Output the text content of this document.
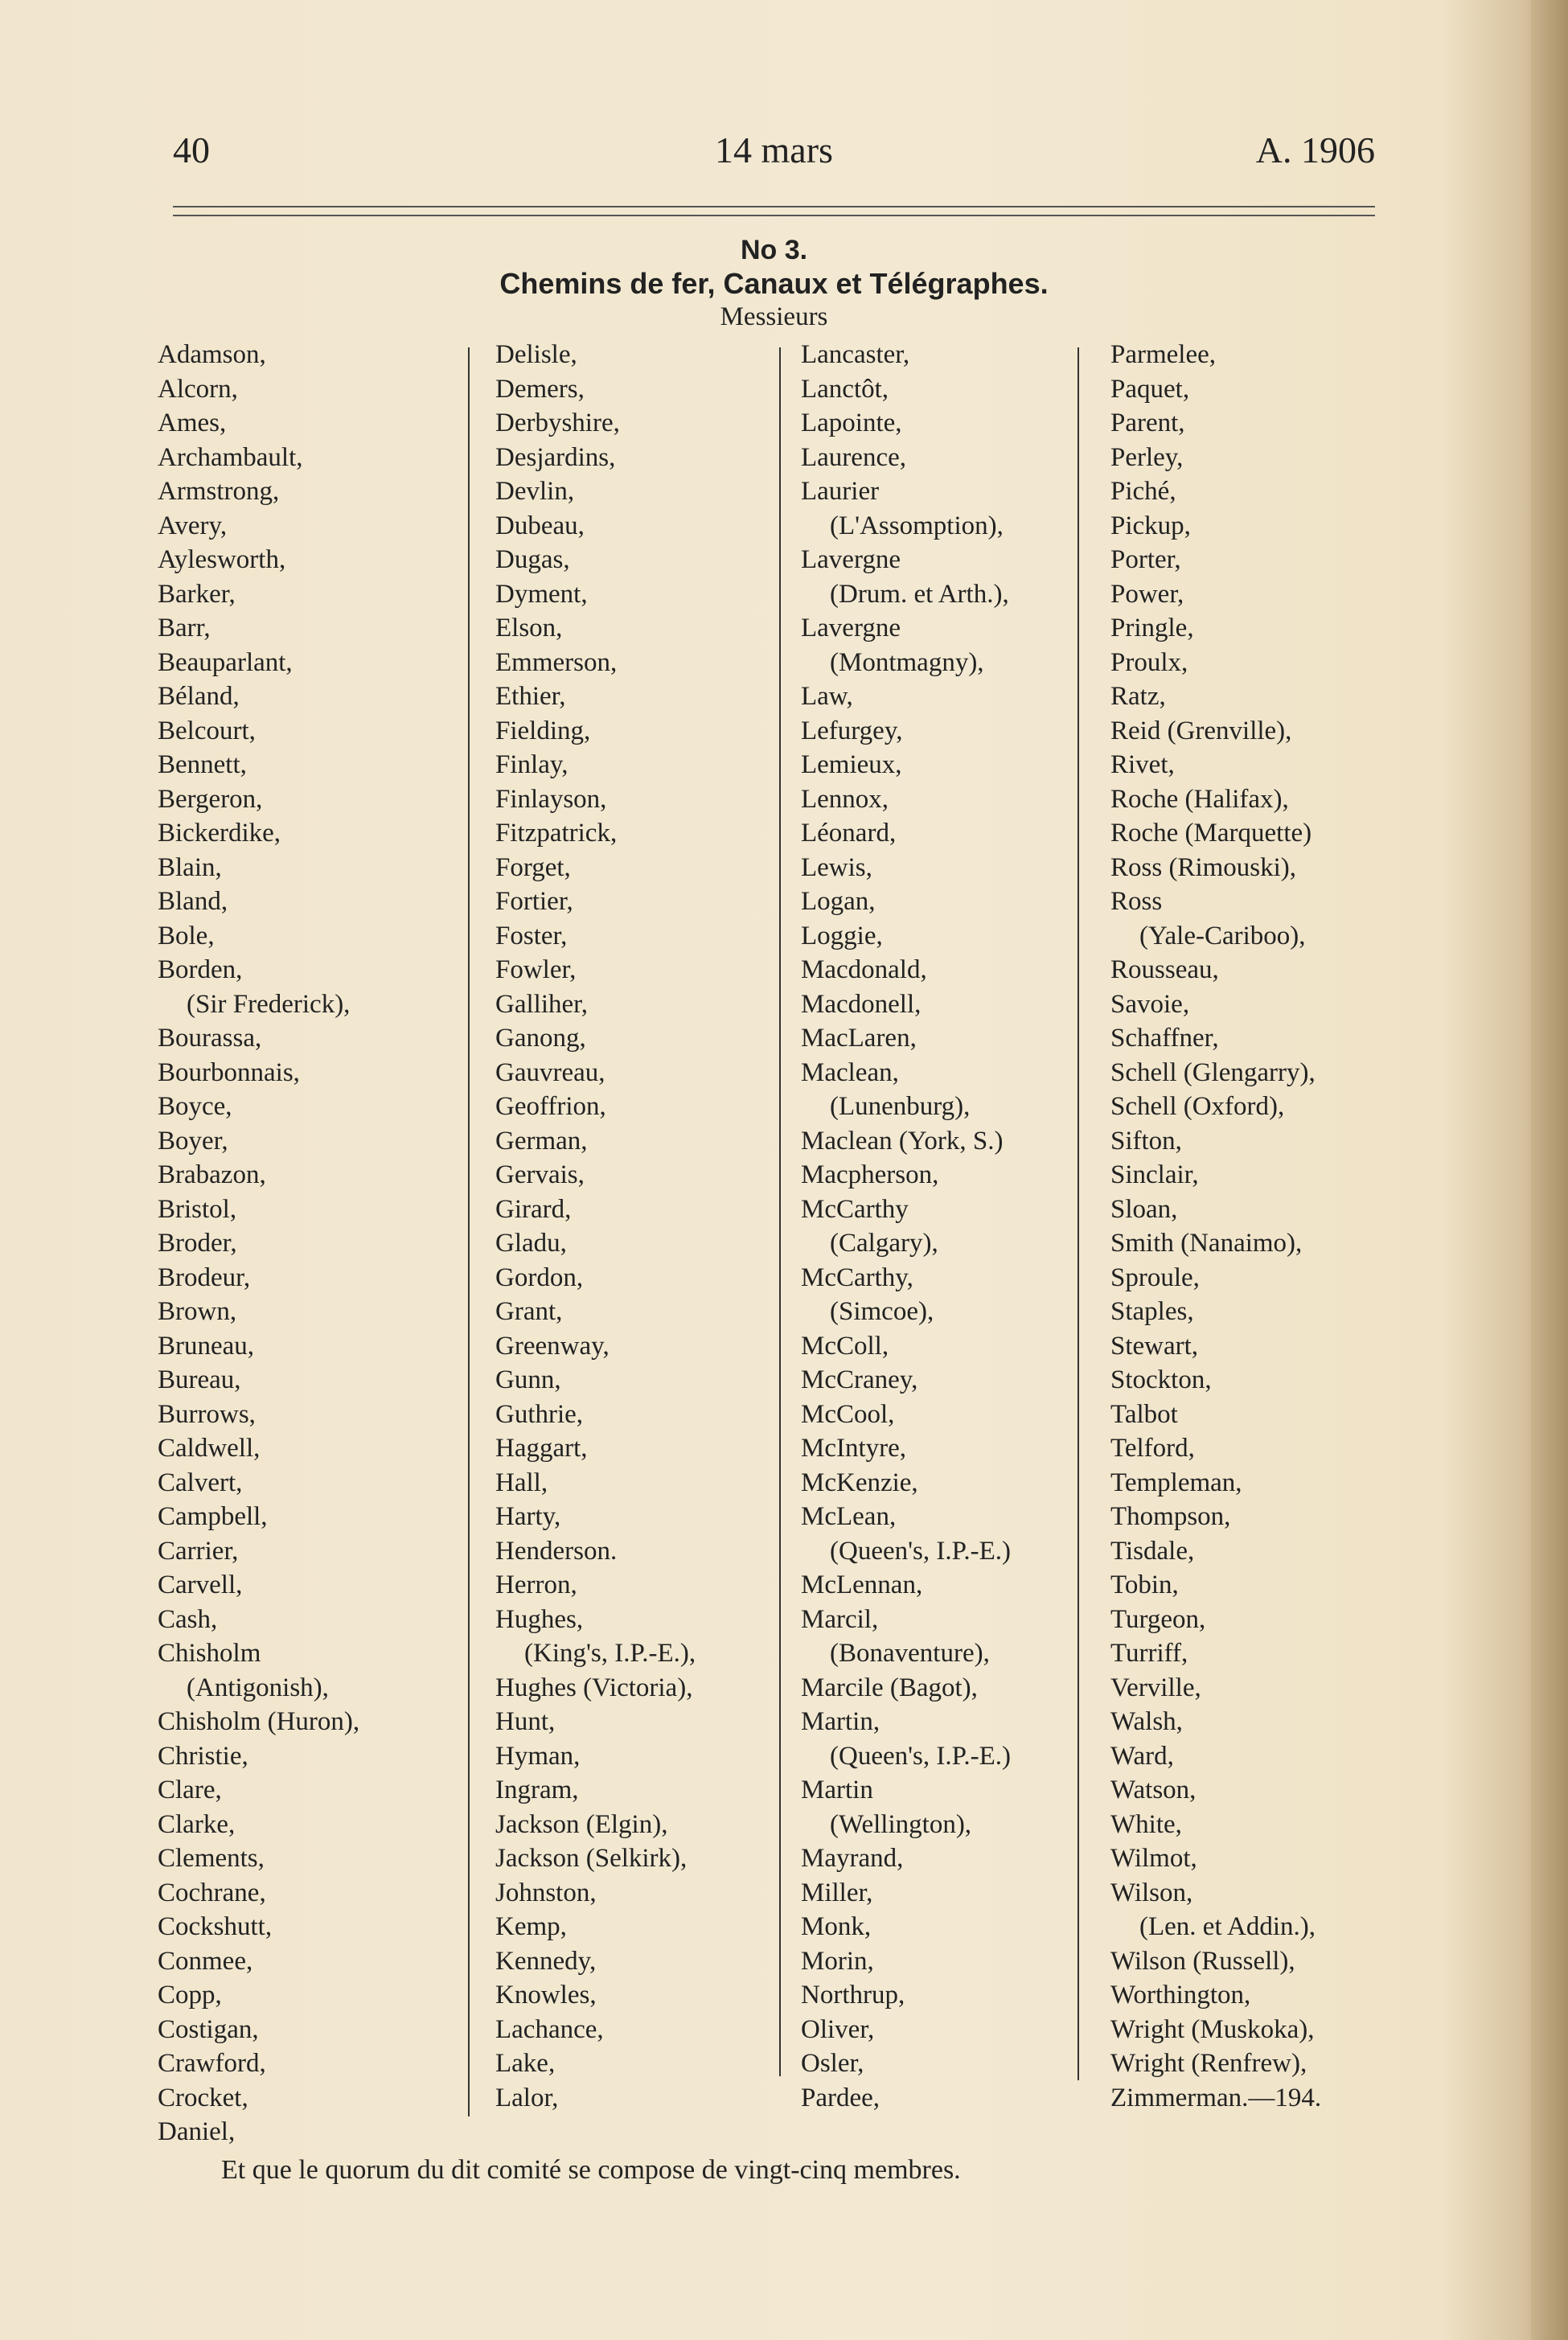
40	14 mars	A. 1906
No 3.
Chemins de fer, Canaux et Télégraphes.
Messieurs
Adamson,
Alcorn,
Ames,
Archambault,
Armstrong,
Avery,
Aylesworth,
Barker,
Barr,
Beauparlant,
Béland,
Belcourt,
Bennett,
Bergeron,
Bickerdike,
Blain,
Bland,
Bole,
Borden,
(Sir Frederick),
Bourassa,
Bourbonnais,
Boyce,
Boyer,
Brabazon,
Bristol,
Broder,
Brodeur,
Brown,
Bruneau,
Bureau,
Burrows,
Caldwell,
Calvert,
Campbell,
Carrier,
Carvell,
Cash,
Chisholm
(Antigonish),
Chisholm (Huron),
Christie,
Clare,
Clarke,
Clements,
Cochrane,
Cockshutt,
Conmee,
Copp,
Costigan,
Crawford,
Crocket,
Daniel,
Delisle,
Demers,
Derbyshire,
Desjardins,
Devlin,
Dubeau,
Dugas,
Dyment,
Elson,
Emmerson,
Ethier,
Fielding,
Finlay,
Finlayson,
Fitzpatrick,
Forget,
Fortier,
Foster,
Fowler,
Galliher,
Ganong,
Gauvreau,
Geoffrion,
German,
Gervais,
Girard,
Gladu,
Gordon,
Grant,
Greenway,
Gunn,
Guthrie,
Haggart,
Hall,
Harty,
Henderson.
Herron,
Hughes,
(King's, I.P.-E.),
Hughes (Victoria),
Hunt,
Hyman,
Ingram,
Jackson (Elgin),
Jackson (Selkirk),
Johnston,
Kemp,
Kennedy,
Knowles,
Lachance,
Lake,
Lalor,
Lancaster,
Lanctôt,
Lapointe,
Laurence,
Laurier
(L'Assomption),
Lavergne
(Drum. et Arth.),
Lavergne
(Montmagny),
Law,
Lefurgey,
Lemieux,
Lennox,
Léonard,
Lewis,
Logan,
Loggie,
Macdonald,
Macdonell,
MacLaren,
Maclean,
(Lunenburg),
Maclean (York, S.)
Macpherson,
McCarthy
(Calgary),
McCarthy,
(Simcoe),
McColl,
McCraney,
McCool,
McIntyre,
McKenzie,
McLean,
(Queen's, I.P.-E.)
McLennan,
Marcil,
(Bonaventure),
Marcile (Bagot),
Martin,
(Queen's, I.P.-E.)
Martin
(Wellington),
Mayrand,
Miller,
Monk,
Morin,
Northrup,
Oliver,
Osler,
Pardee,
Parmelee,
Paquet,
Parent,
Perley,
Piché,
Pickup,
Porter,
Power,
Pringle,
Proulx,
Ratz,
Reid (Grenville),
Rivet,
Roche (Halifax),
Roche (Marquette)
Ross (Rimouski),
Ross
(Yale-Cariboo),
Rousseau,
Savoie,
Schaffner,
Schell (Glengarry),
Schell (Oxford),
Sifton,
Sinclair,
Sloan,
Smith (Nanaimo),
Sproule,
Staples,
Stewart,
Stockton,
Talbot
Telford,
Templeman,
Thompson,
Tisdale,
Tobin,
Turgeon,
Turriff,
Verville,
Walsh,
Ward,
Watson,
White,
Wilmot,
Wilson,
(Len. et Addin.),
Wilson (Russell),
Worthington,
Wright (Muskoka),
Wright (Renfrew),
Zimmerman.—194.
Et que le quorum du dit comité se compose de vingt-cinq membres.
